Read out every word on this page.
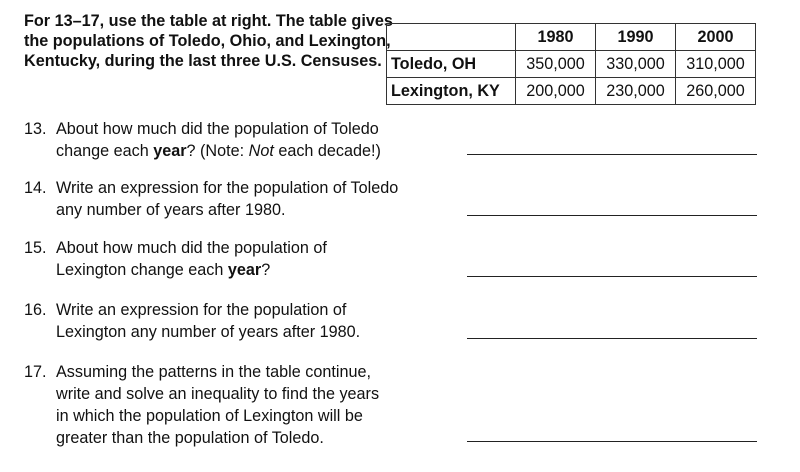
For 13–17, use the table at right. The table gives the populations of Toledo, Ohio, and Lexington, Kentucky, during the last three U.S. Censuses.

	1980	1990	2000
Toledo, OH	350,000	330,000	310,000
Lexington, KY	200,000	230,000	260,000
13. About how much did the population of Toledo
change each year? (Note: Not each decade!)
14. Write an expression for the population of Toledo
any number of years after 1980.
15. About how much did the population of
Lexington change each year?
16. Write an expression for the population of
Lexington any number of years after 1980.
17. Assuming the patterns in the table continue,
write and solve an inequality to find the years
in which the population of Lexington will be
greater than the population of Toledo.
